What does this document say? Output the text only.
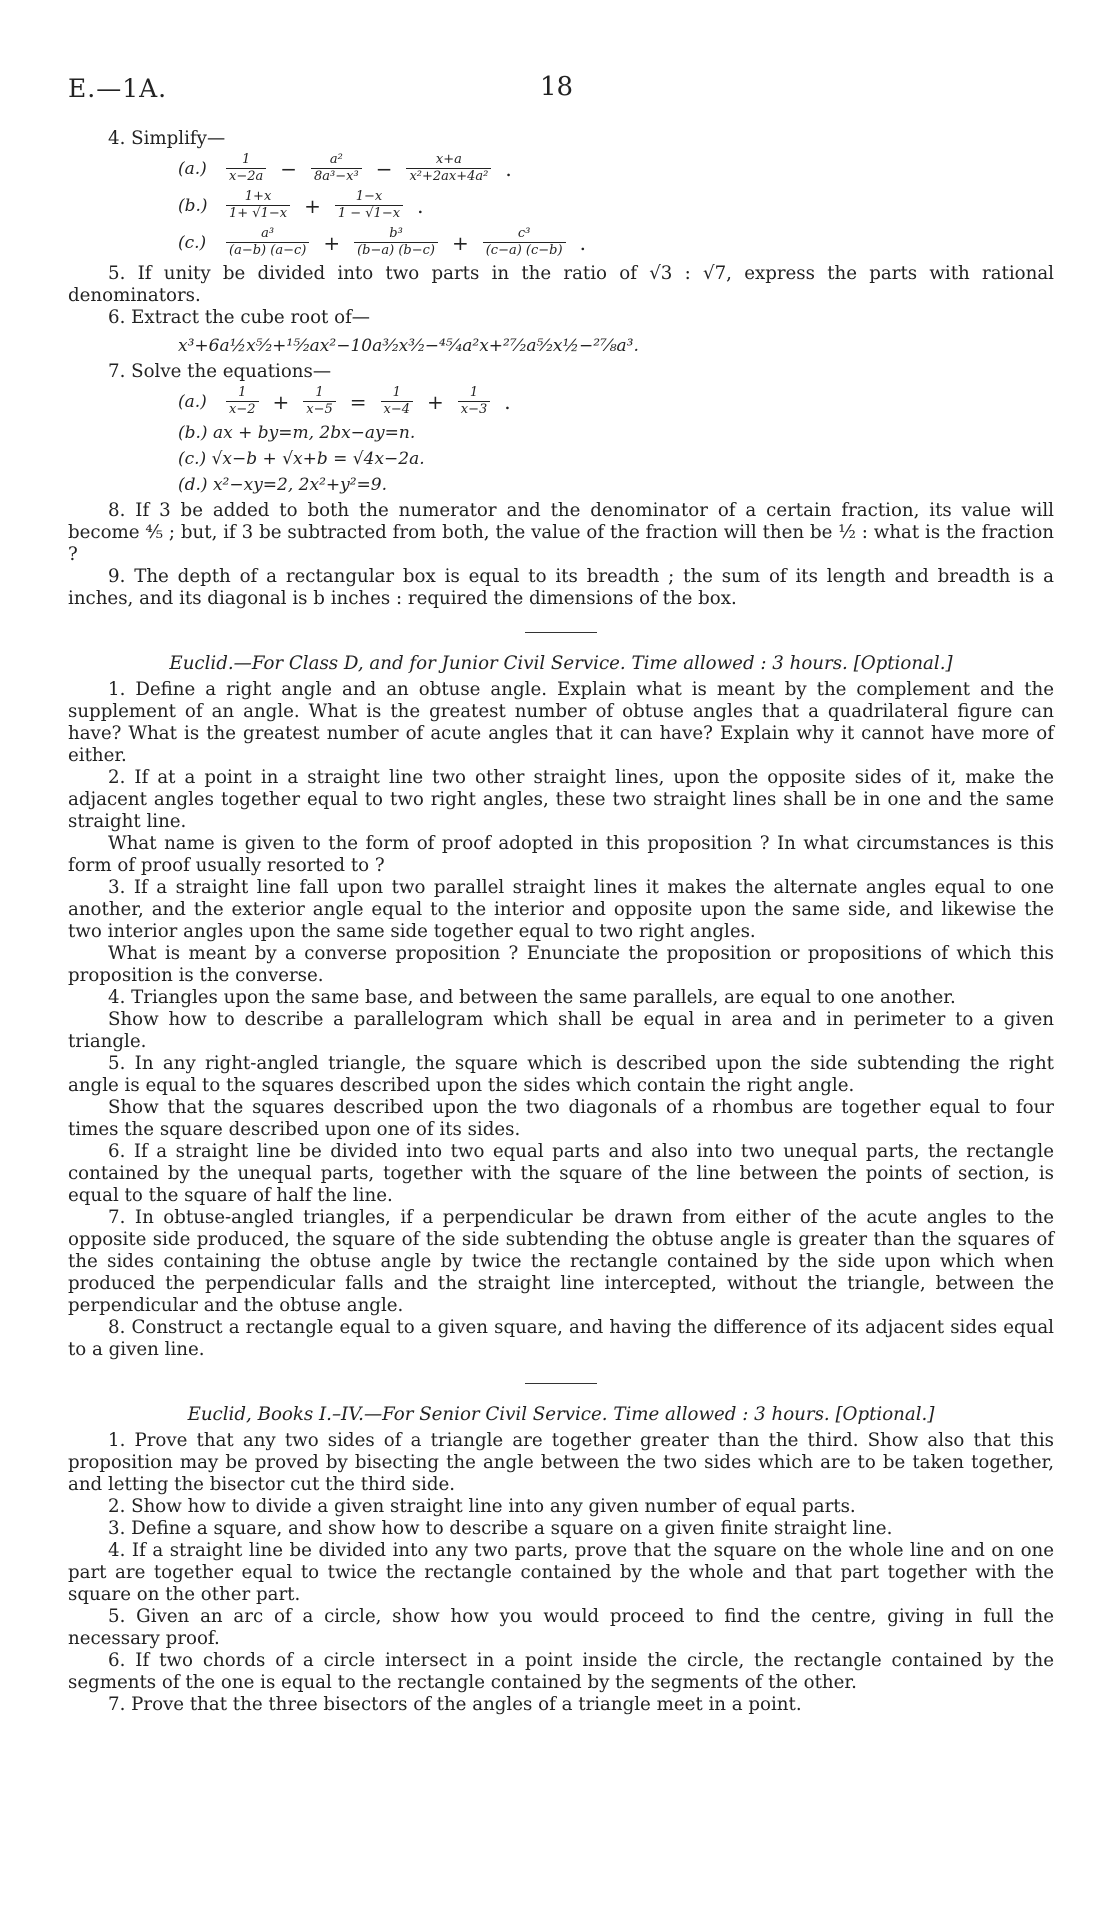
E.—1A.	18

4. Simplify—

(a.)	$\frac{1}{x-2a} - \frac{\text{a²}}{\text{8a³−x³}} - \frac{x+a}{\text{x²+2ax+4a²}}$ .
(b.)	$\frac{1+x}{1+ √1-x} + \frac{1-x}{1 - √1-x}$ .
(c.)	$\frac{\text{a³}}{(a-b) (a-c)} + \frac{\text{b³}}{(b-a) (b-c)} + \frac{\text{c³}}{(c-a) (c-b)}$ .

5. If unity be divided into two parts in the ratio of √3 : √7, express the parts with rational denominators.

6. Extract the cube root of—

x³+6a½x⁵⁄₂+¹⁵⁄₂ax²−10a³⁄₂x³⁄₂−⁴⁵⁄₄a²x+²⁷⁄₂a⁵⁄₂x½−²⁷⁄₈a³.

7. Solve the equations—

(a.)	$\frac{1}{x-2} + \frac{1}{x-5} = \frac{1}{x-4} + \frac{1}{x-3}$ .
(b.) ax + by=m, 2bx−ay=n.
(c.) √x−b + √x+b = √4x−2a.
(d.) x²−xy=2, 2x²+y²=9.

8. If 3 be added to both the numerator and the denominator of a certain fraction, its value will become ⁴⁄₅ ; but, if 3 be subtracted from both, the value of the fraction will then be ½ : what is the fraction ?

9. The depth of a rectangular box is equal to its breadth ; the sum of its length and breadth is a inches, and its diagonal is b inches : required the dimensions of the box.

Euclid.—For Class D, and for Junior Civil Service. Time allowed : 3 hours. [Optional.]

1. Define a right angle and an obtuse angle. Explain what is meant by the complement and the supplement of an angle. What is the greatest number of obtuse angles that a quadrilateral figure can have? What is the greatest number of acute angles that it can have? Explain why it cannot have more of either.

2. If at a point in a straight line two other straight lines, upon the opposite sides of it, make the adjacent angles together equal to two right angles, these two straight lines shall be in one and the same straight line.

What name is given to the form of proof adopted in this proposition ? In what circumstances is this form of proof usually resorted to ?

3. If a straight line fall upon two parallel straight lines it makes the alternate angles equal to one another, and the exterior angle equal to the interior and opposite upon the same side, and likewise the two interior angles upon the same side together equal to two right angles.

What is meant by a converse proposition ? Enunciate the proposition or propositions of which this proposition is the converse.

4. Triangles upon the same base, and between the same parallels, are equal to one another.

Show how to describe a parallelogram which shall be equal in area and in perimeter to a given triangle.

5. In any right-angled triangle, the square which is described upon the side subtending the right angle is equal to the squares described upon the sides which contain the right angle.

Show that the squares described upon the two diagonals of a rhombus are together equal to four times the square described upon one of its sides.

6. If a straight line be divided into two equal parts and also into two unequal parts, the rectangle contained by the unequal parts, together with the square of the line between the points of section, is equal to the square of half the line.

7. In obtuse-angled triangles, if a perpendicular be drawn from either of the acute angles to the opposite side produced, the square of the side subtending the obtuse angle is greater than the squares of the sides containing the obtuse angle by twice the rectangle contained by the side upon which when produced the perpendicular falls and the straight line intercepted, without the triangle, between the perpendicular and the obtuse angle.

8. Construct a rectangle equal to a given square, and having the difference of its adjacent sides equal to a given line.

Euclid, Books I.–IV.—For Senior Civil Service. Time allowed : 3 hours. [Optional.]

1. Prove that any two sides of a triangle are together greater than the third. Show also that this proposition may be proved by bisecting the angle between the two sides which are to be taken together, and letting the bisector cut the third side.

2. Show how to divide a given straight line into any given number of equal parts.

3. Define a square, and show how to describe a square on a given finite straight line.

4. If a straight line be divided into any two parts, prove that the square on the whole line and on one part are together equal to twice the rectangle contained by the whole and that part together with the square on the other part.

5. Given an arc of a circle, show how you would proceed to find the centre, giving in full the necessary proof.

6. If two chords of a circle intersect in a point inside the circle, the rectangle contained by the segments of the one is equal to the rectangle contained by the segments of the other.

7. Prove that the three bisectors of the angles of a triangle meet in a point.
